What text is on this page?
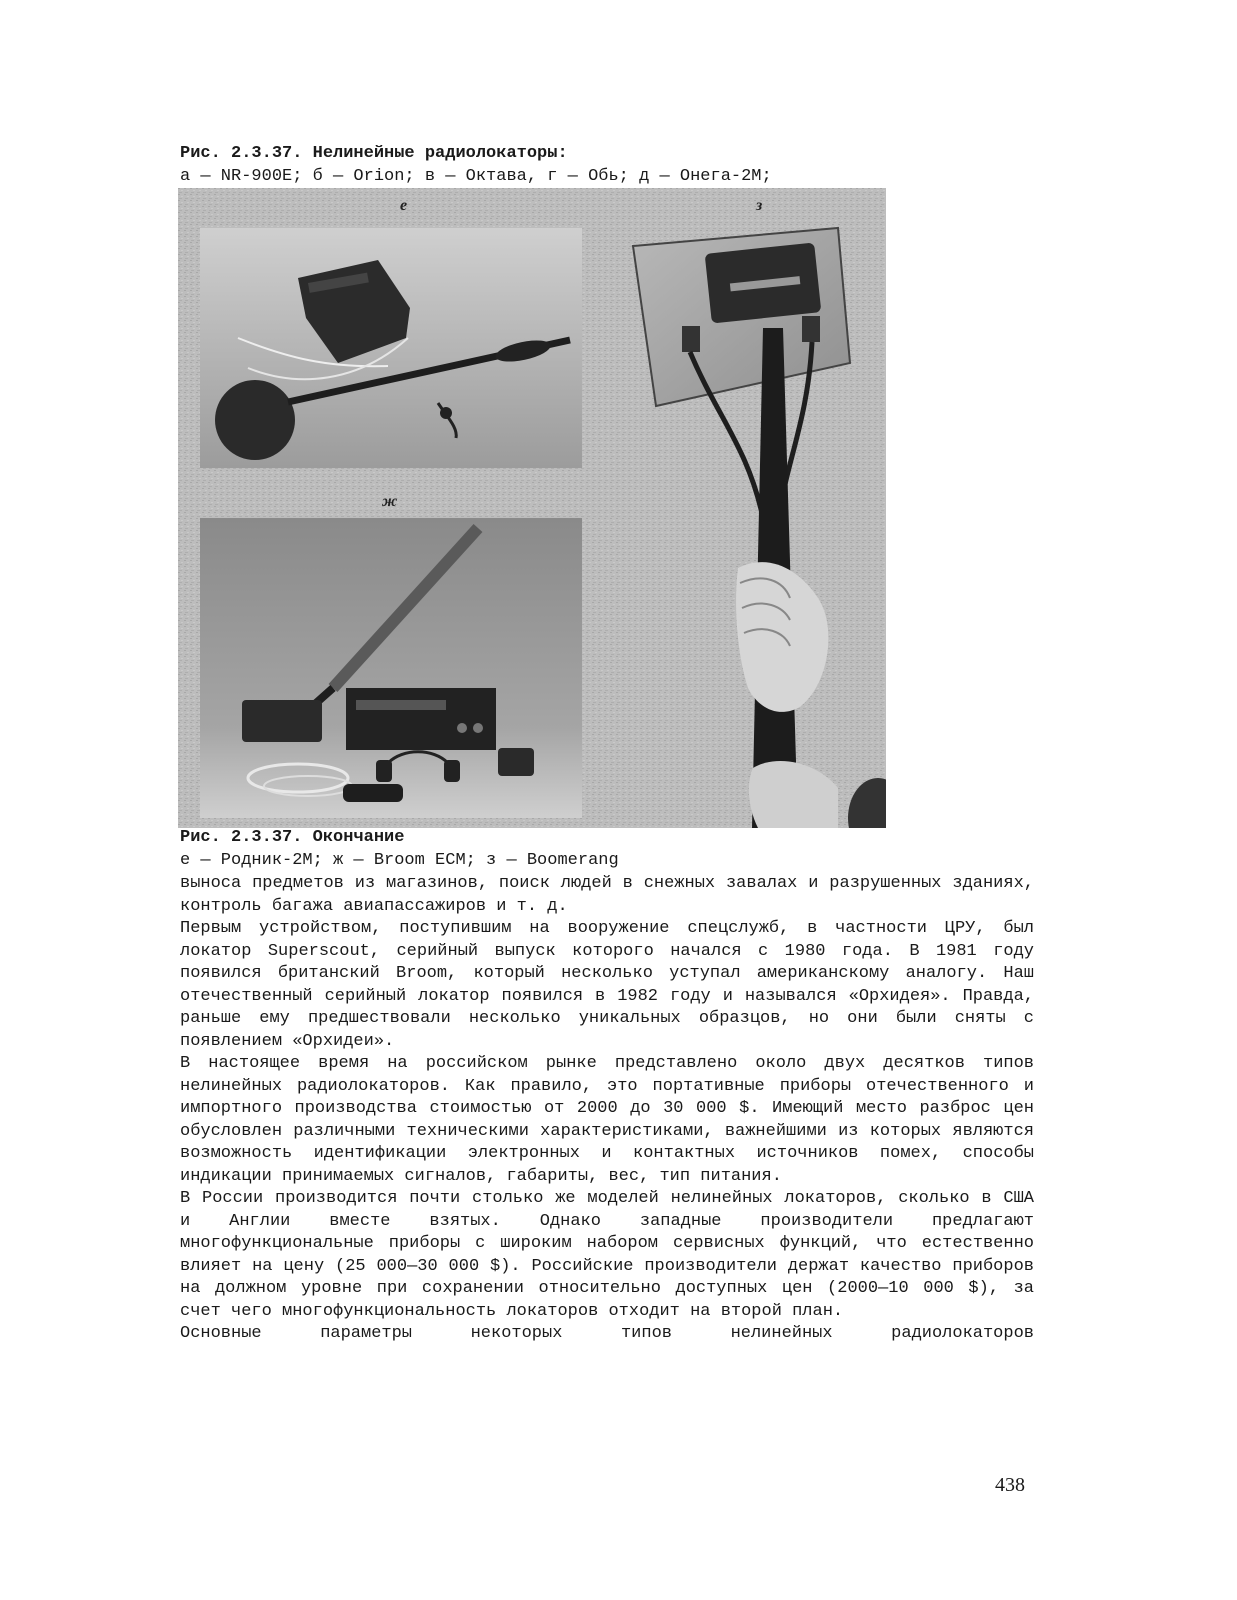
Рис. 2.3.37. Нелинейные радиолокаторы:
а — NR-900E; б — Orion; в — Октава, г — Обь; д — Онега-2М;
е	з
ж
Рис. 2.3.37. Окончание
е — Родник-2М; ж — Broom ECM; з — Boomerang

выноса предметов из магазинов, поиск людей в снежных завалах и разрушенных зданиях, контроль багажа авиапассажиров и т. д.

Первым устройством, поступившим на вооружение спецслужб, в частности ЦРУ, был локатор Superscout, серийный выпуск которого начался с 1980 года. В 1981 году появился британский Broom, который несколько уступал американскому аналогу. Наш отечественный серийный локатор появился в 1982 году и назывался «Орхидея». Правда, раньше ему предшествовали несколько уникальных образцов, но они были сняты с появлением «Орхидеи».

В настоящее время на российском рынке представлено около двух десятков типов нелинейных радиолокаторов. Как правило, это портативные приборы отечественного и импортного производства стоимостью от 2000 до 30 000 $. Имеющий место разброс цен обусловлен различными техническими характеристиками, важнейшими из которых являются возможность идентификации электронных и контактных источников помех, способы индикации принимаемых сигналов, габариты, вес, тип питания.

В России производится почти столько же моделей нелинейных локаторов, сколько в США и Англии вместе взятых. Однако западные производители предлагают многофункциональные приборы с широким набором сервисных функций, что естественно влияет на цену (25 000—30 000 $). Российские производители держат качество приборов на должном уровне при сохранении относительно доступных цен (2000—10 000 $), за счет чего многофункциональность локаторов отходит на второй план.

Основные параметры некоторых типов нелинейных радиолокаторов

438
